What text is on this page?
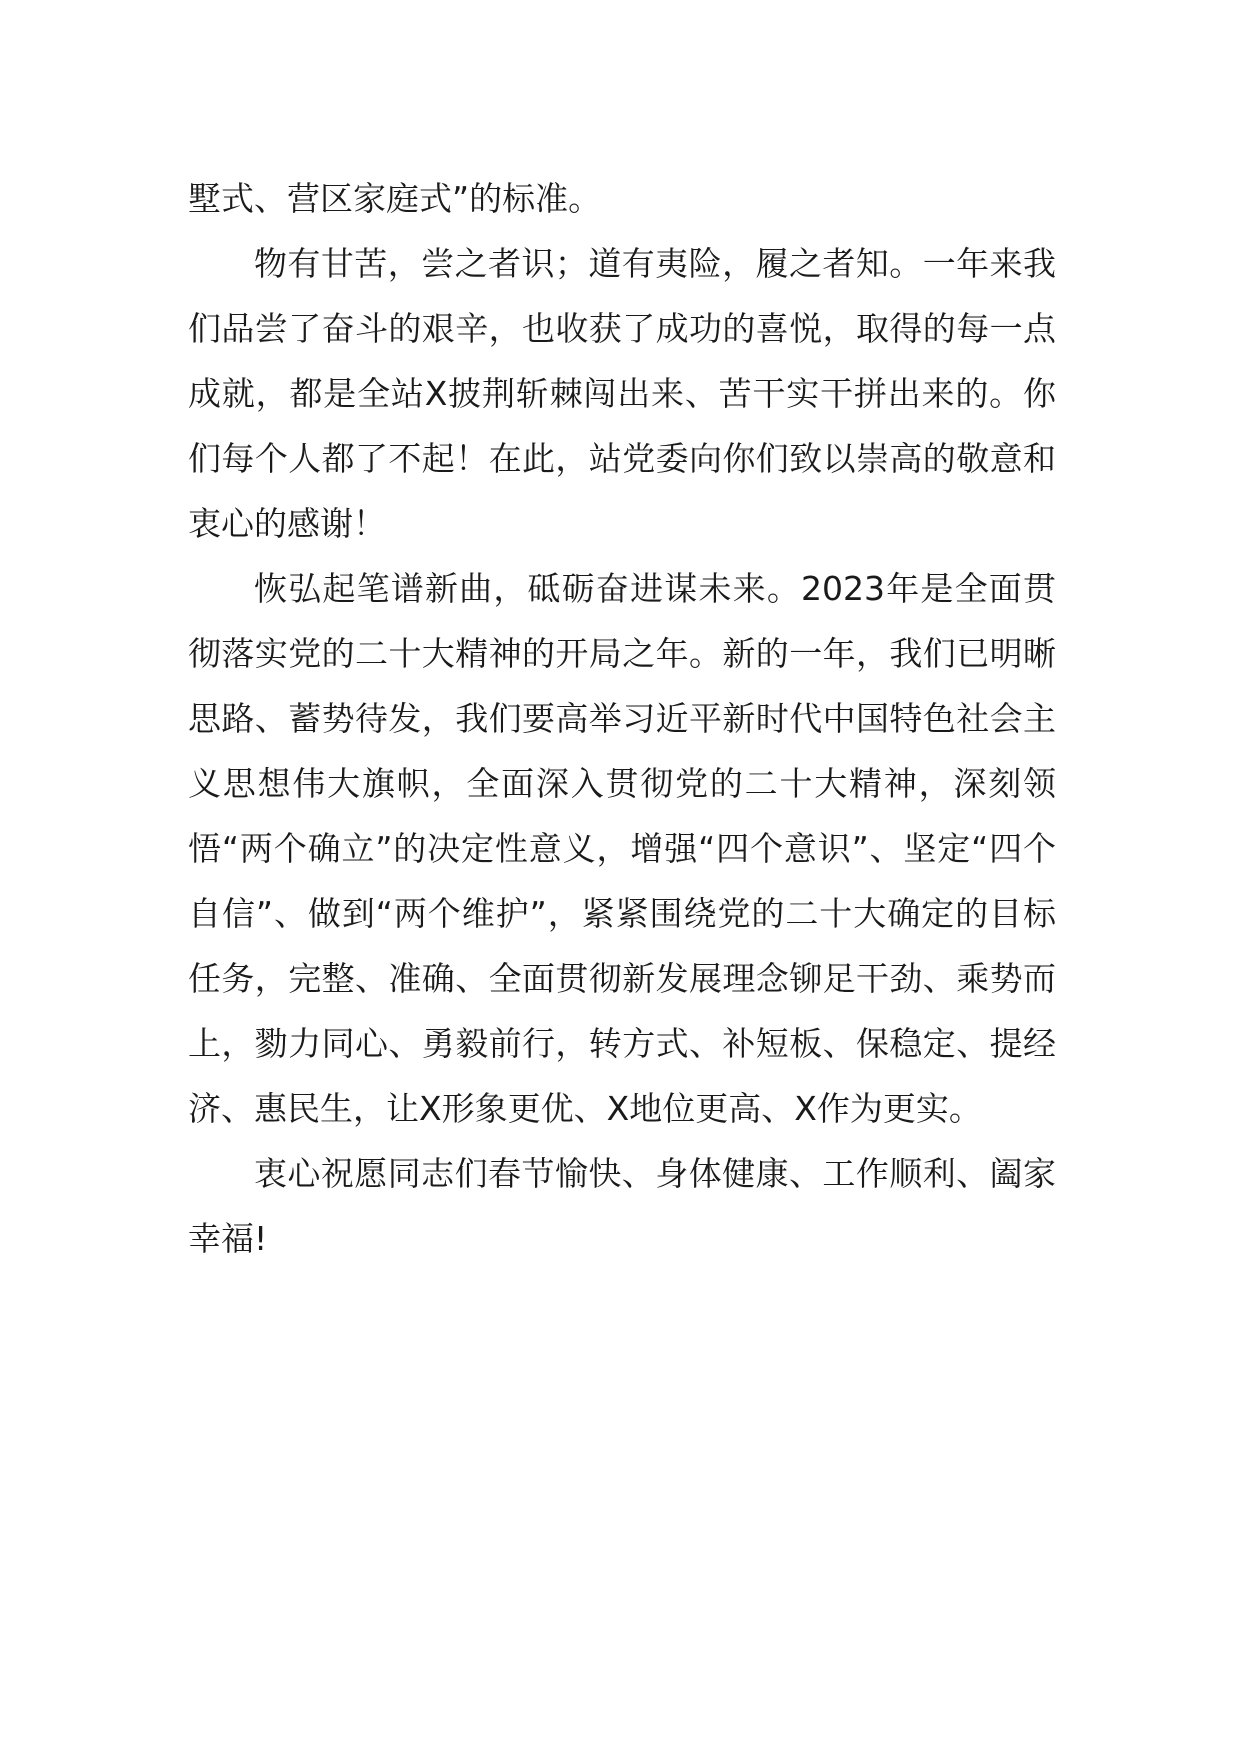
墅式、营区家庭式”的标准。

物有甘苦，尝之者识；道有夷险，履之者知。一年来我们品尝了奋斗的艰辛，也收获了成功的喜悦，取得的每一点成就，都是全站X披荆斩棘闯出来、苦干实干拼出来的。你们每个人都了不起！在此，站党委向你们致以崇高的敬意和衷心的感谢！

恢弘起笔谱新曲，砥砺奋进谋未来。2023年是全面贯彻落实党的二十大精神的开局之年。新的一年，我们已明晰思路、蓄势待发，我们要高举习近平新时代中国特色社会主义思想伟大旗帜，全面深入贯彻党的二十大精神，深刻领悟“两个确立”的决定性意义，增强“四个意识”、坚定“四个自信”、做到“两个维护”，紧紧围绕党的二十大确定的目标任务，完整、准确、全面贯彻新发展理念铆足干劲、乘势而上，勠力同心、勇毅前行，转方式、补短板、保稳定、提经济、惠民生，让X形象更优、X地位更高、X作为更实。

衷心祝愿同志们春节愉快、身体健康、工作顺利、阖家幸福!
